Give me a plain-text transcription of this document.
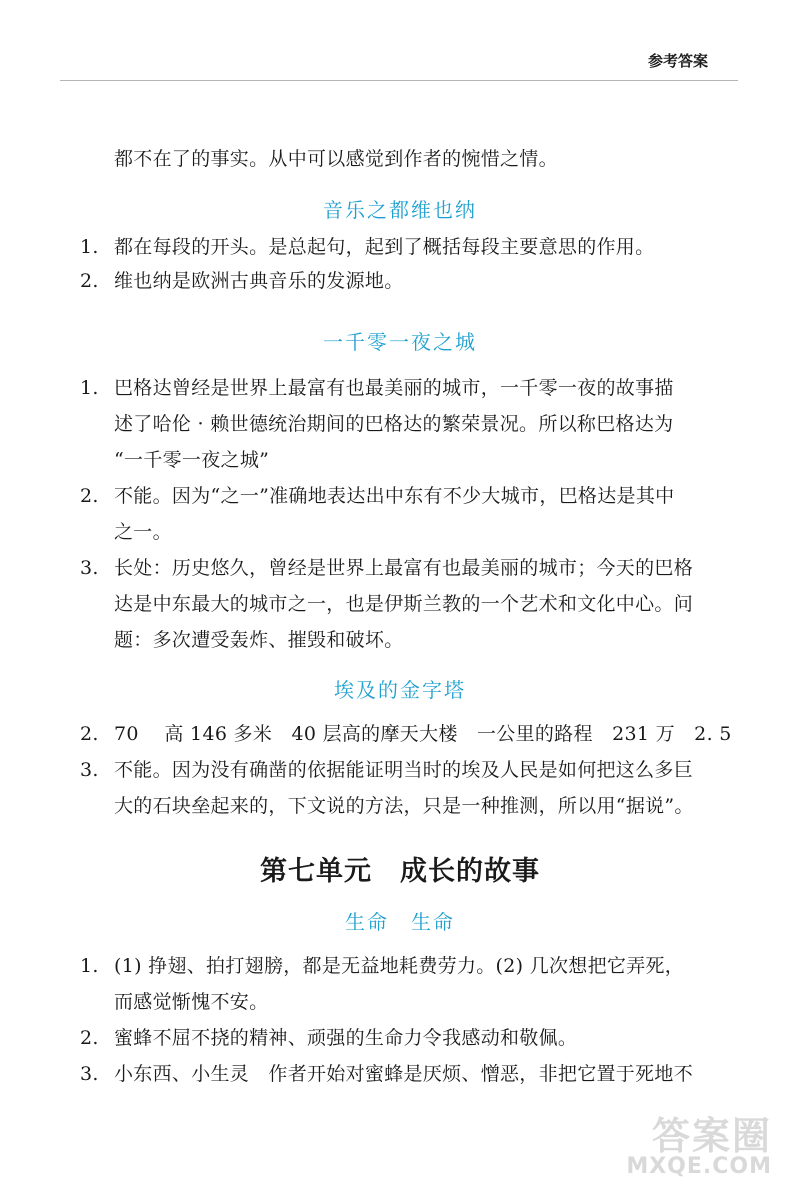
参考答案
都不在了的事实。从中可以感觉到作者的惋惜之情。
音乐之都维也纳
1. 都在每段的开头。是总起句，起到了概括每段主要意思的作用。
2. 维也纳是欧洲古典音乐的发源地。
一千零一夜之城
1. 巴格达曾经是世界上最富有也最美丽的城市，一千零一夜的故事描
述了哈伦 · 赖世德统治期间的巴格达的繁荣景况。所以称巴格达为
“一千零一夜之城”
2. 不能。因为“之一”准确地表达出中东有不少大城市，巴格达是其中
之一。
3. 长处：历史悠久，曾经是世界上最富有也最美丽的城市；今天的巴格
达是中东最大的城市之一，也是伊斯兰教的一个艺术和文化中心。问
题：多次遭受轰炸、摧毁和破坏。
埃及的金字塔
2. 70　 高 146 多米　40 层高的摩天大楼　一公里的路程　231 万　2. 5
3. 不能。因为没有确凿的依据能证明当时的埃及人民是如何把这么多巨
大的石块垒起来的，下文说的方法，只是一种推测，所以用“据说”。
第七单元　成长的故事
生命　生命
1. (1) 挣翅、拍打翅膀，都是无益地耗费劳力。(2) 几次想把它弄死，
而感觉惭愧不安。
2. 蜜蜂不屈不挠的精神、顽强的生命力令我感动和敬佩。
3. 小东西、小生灵　作者开始对蜜蜂是厌烦、憎恶，非把它置于死地不
答案圈
MXQE.COM
